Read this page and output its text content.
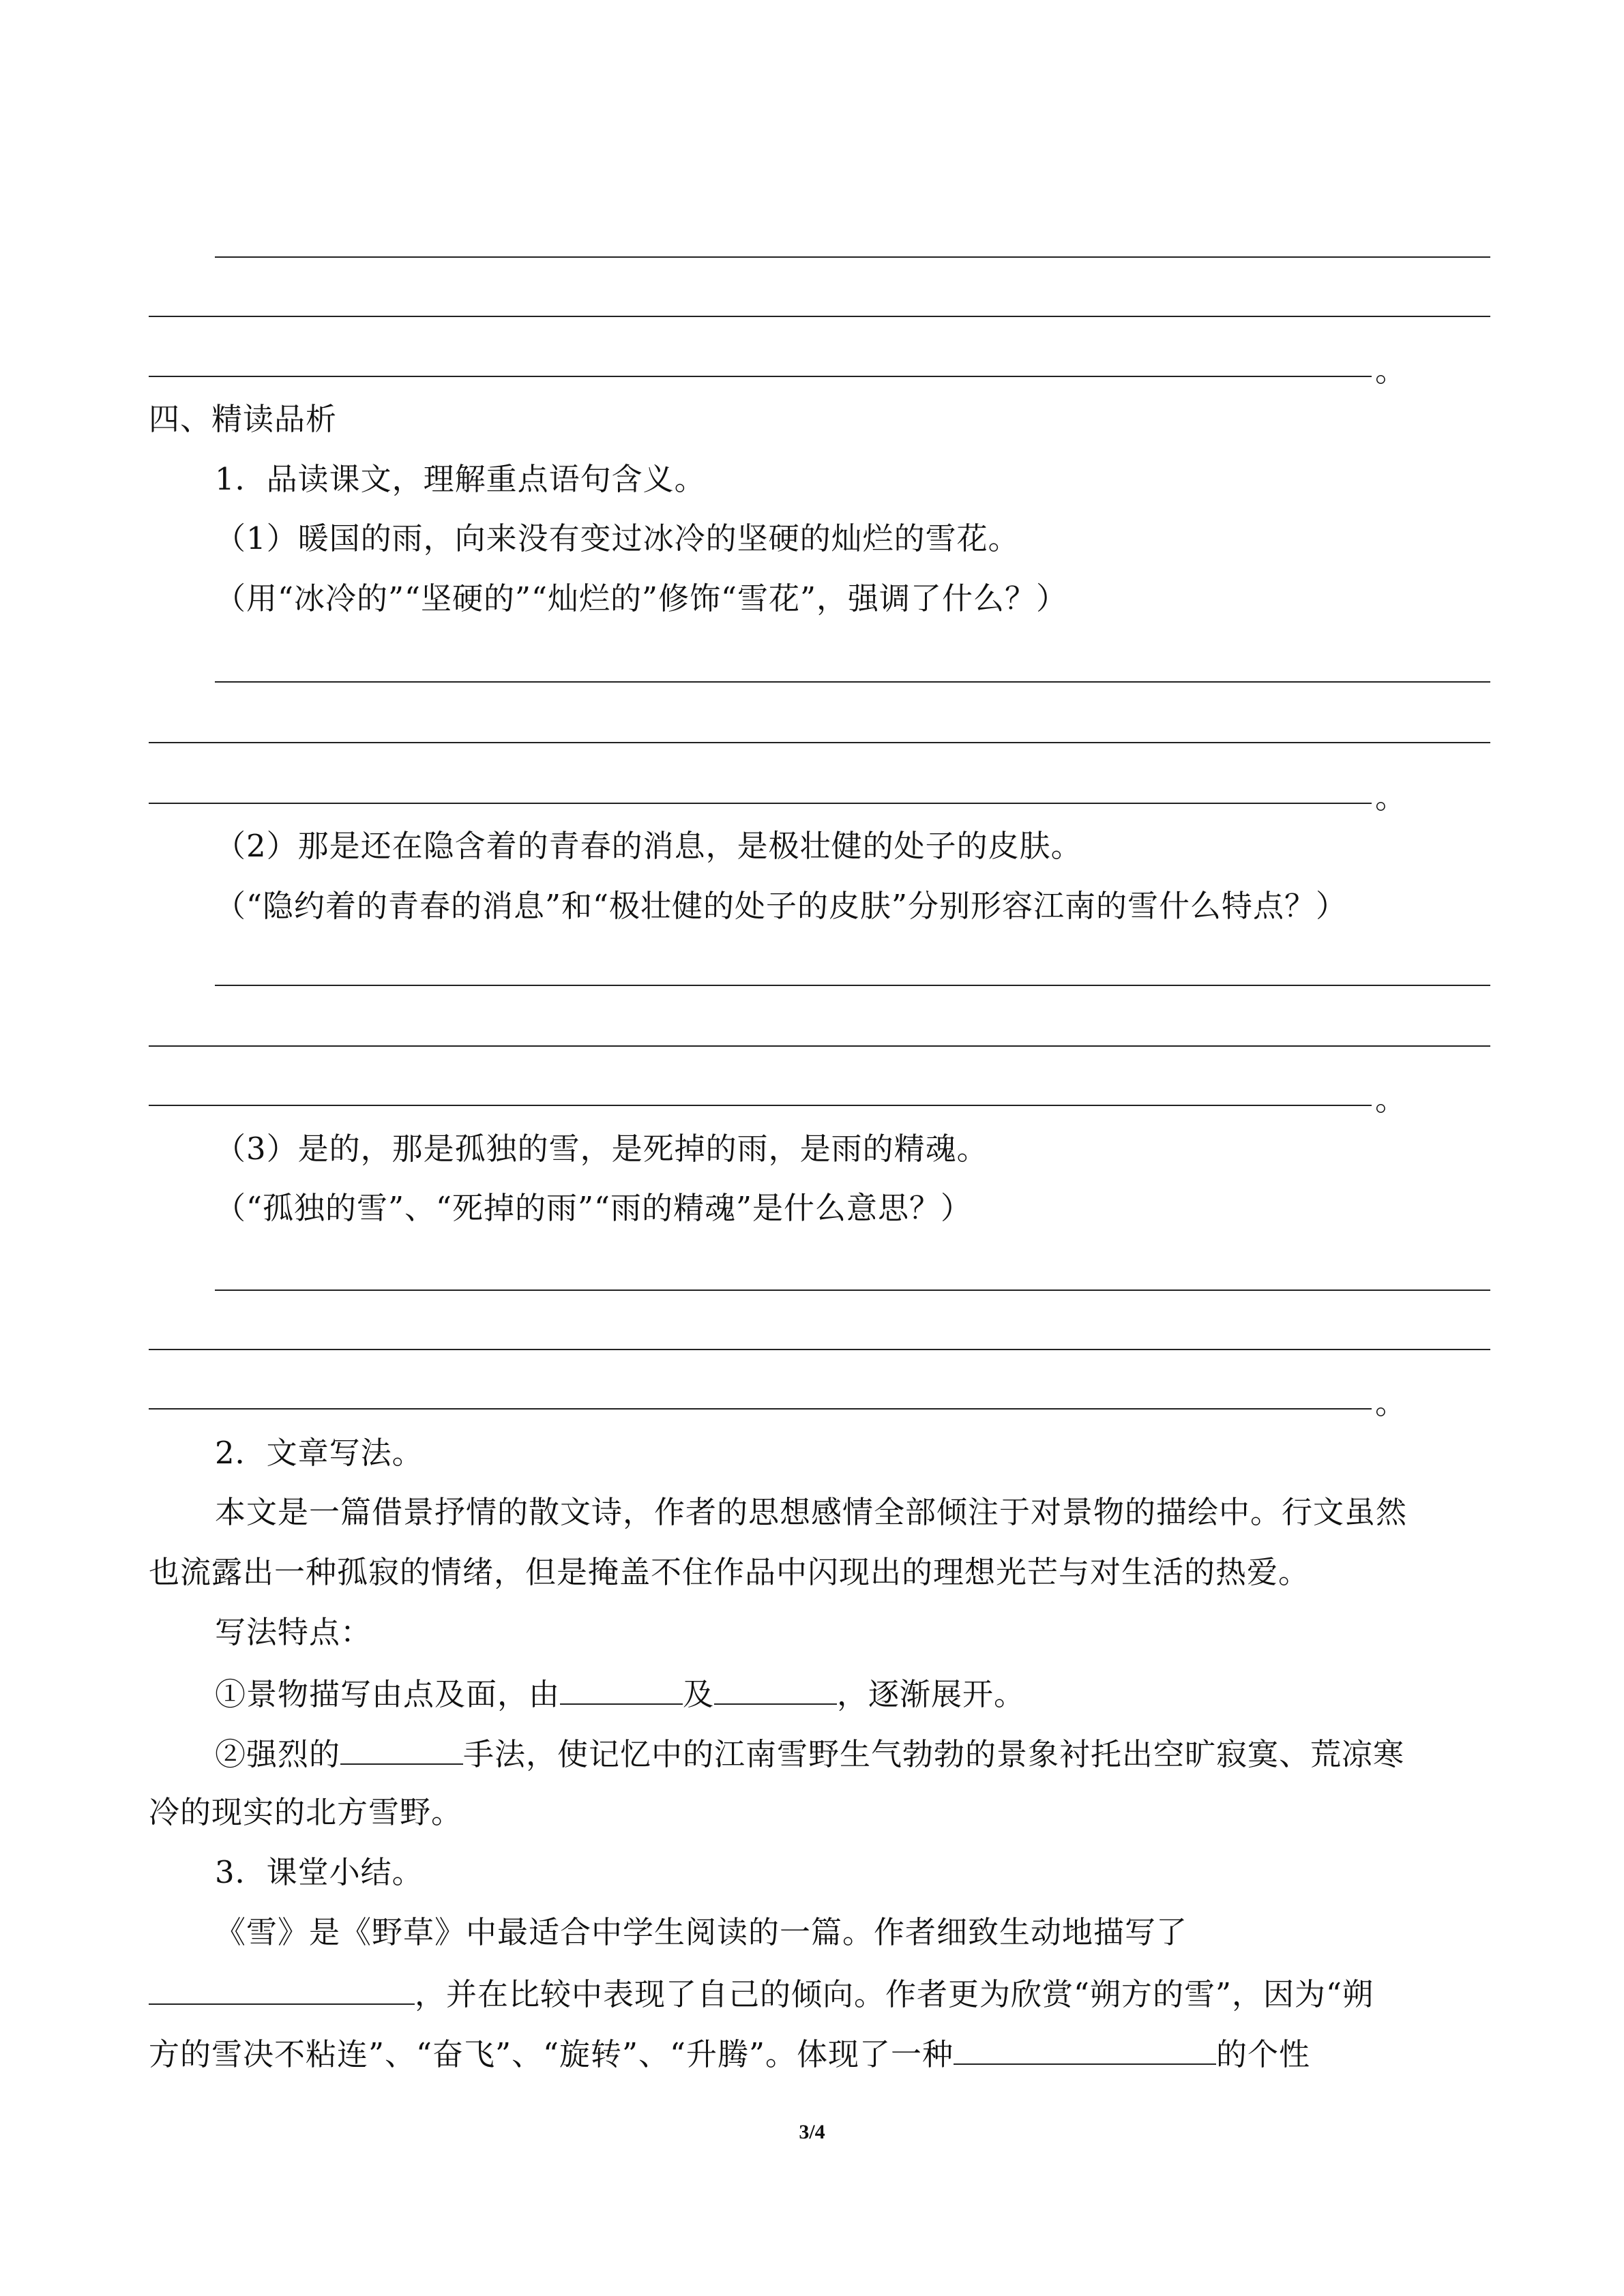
。
四、精读品析
1．品读课文，理解重点语句含义。
（1）暖国的雨，向来没有变过冰冷的坚硬的灿烂的雪花。
（用“冰冷的”“坚硬的”“灿烂的”修饰“雪花”，强调了什么？）
。
（2）那是还在隐含着的青春的消息，是极壮健的处子的皮肤。
（“隐约着的青春的消息”和“极壮健的处子的皮肤”分别形容江南的雪什么特点？）
。
（3）是的，那是孤独的雪，是死掉的雨，是雨的精魂。
（“孤独的雪”、“死掉的雨”“雨的精魂”是什么意思？）
。
2．文章写法。
本文是一篇借景抒情的散文诗，作者的思想感情全部倾注于对景物的描绘中。行文虽然
也流露出一种孤寂的情绪，但是掩盖不住作品中闪现出的理想光芒与对生活的热爱。
写法特点：
①景物描写由点及面，由	及	，逐渐展开。
②强烈的	手法，使记忆中的江南雪野生气勃勃的景象衬托出空旷寂寞、荒凉寒
冷的现实的北方雪野。
3．课堂小结。
《雪》是《野草》中最适合中学生阅读的一篇。作者细致生动地描写了
，并在比较中表现了自己的倾向。作者更为欣赏“朔方的雪”，因为“朔
方的雪决不粘连”、“奋飞”、“旋转”、“升腾”。体现了一种	的个性
3/4
